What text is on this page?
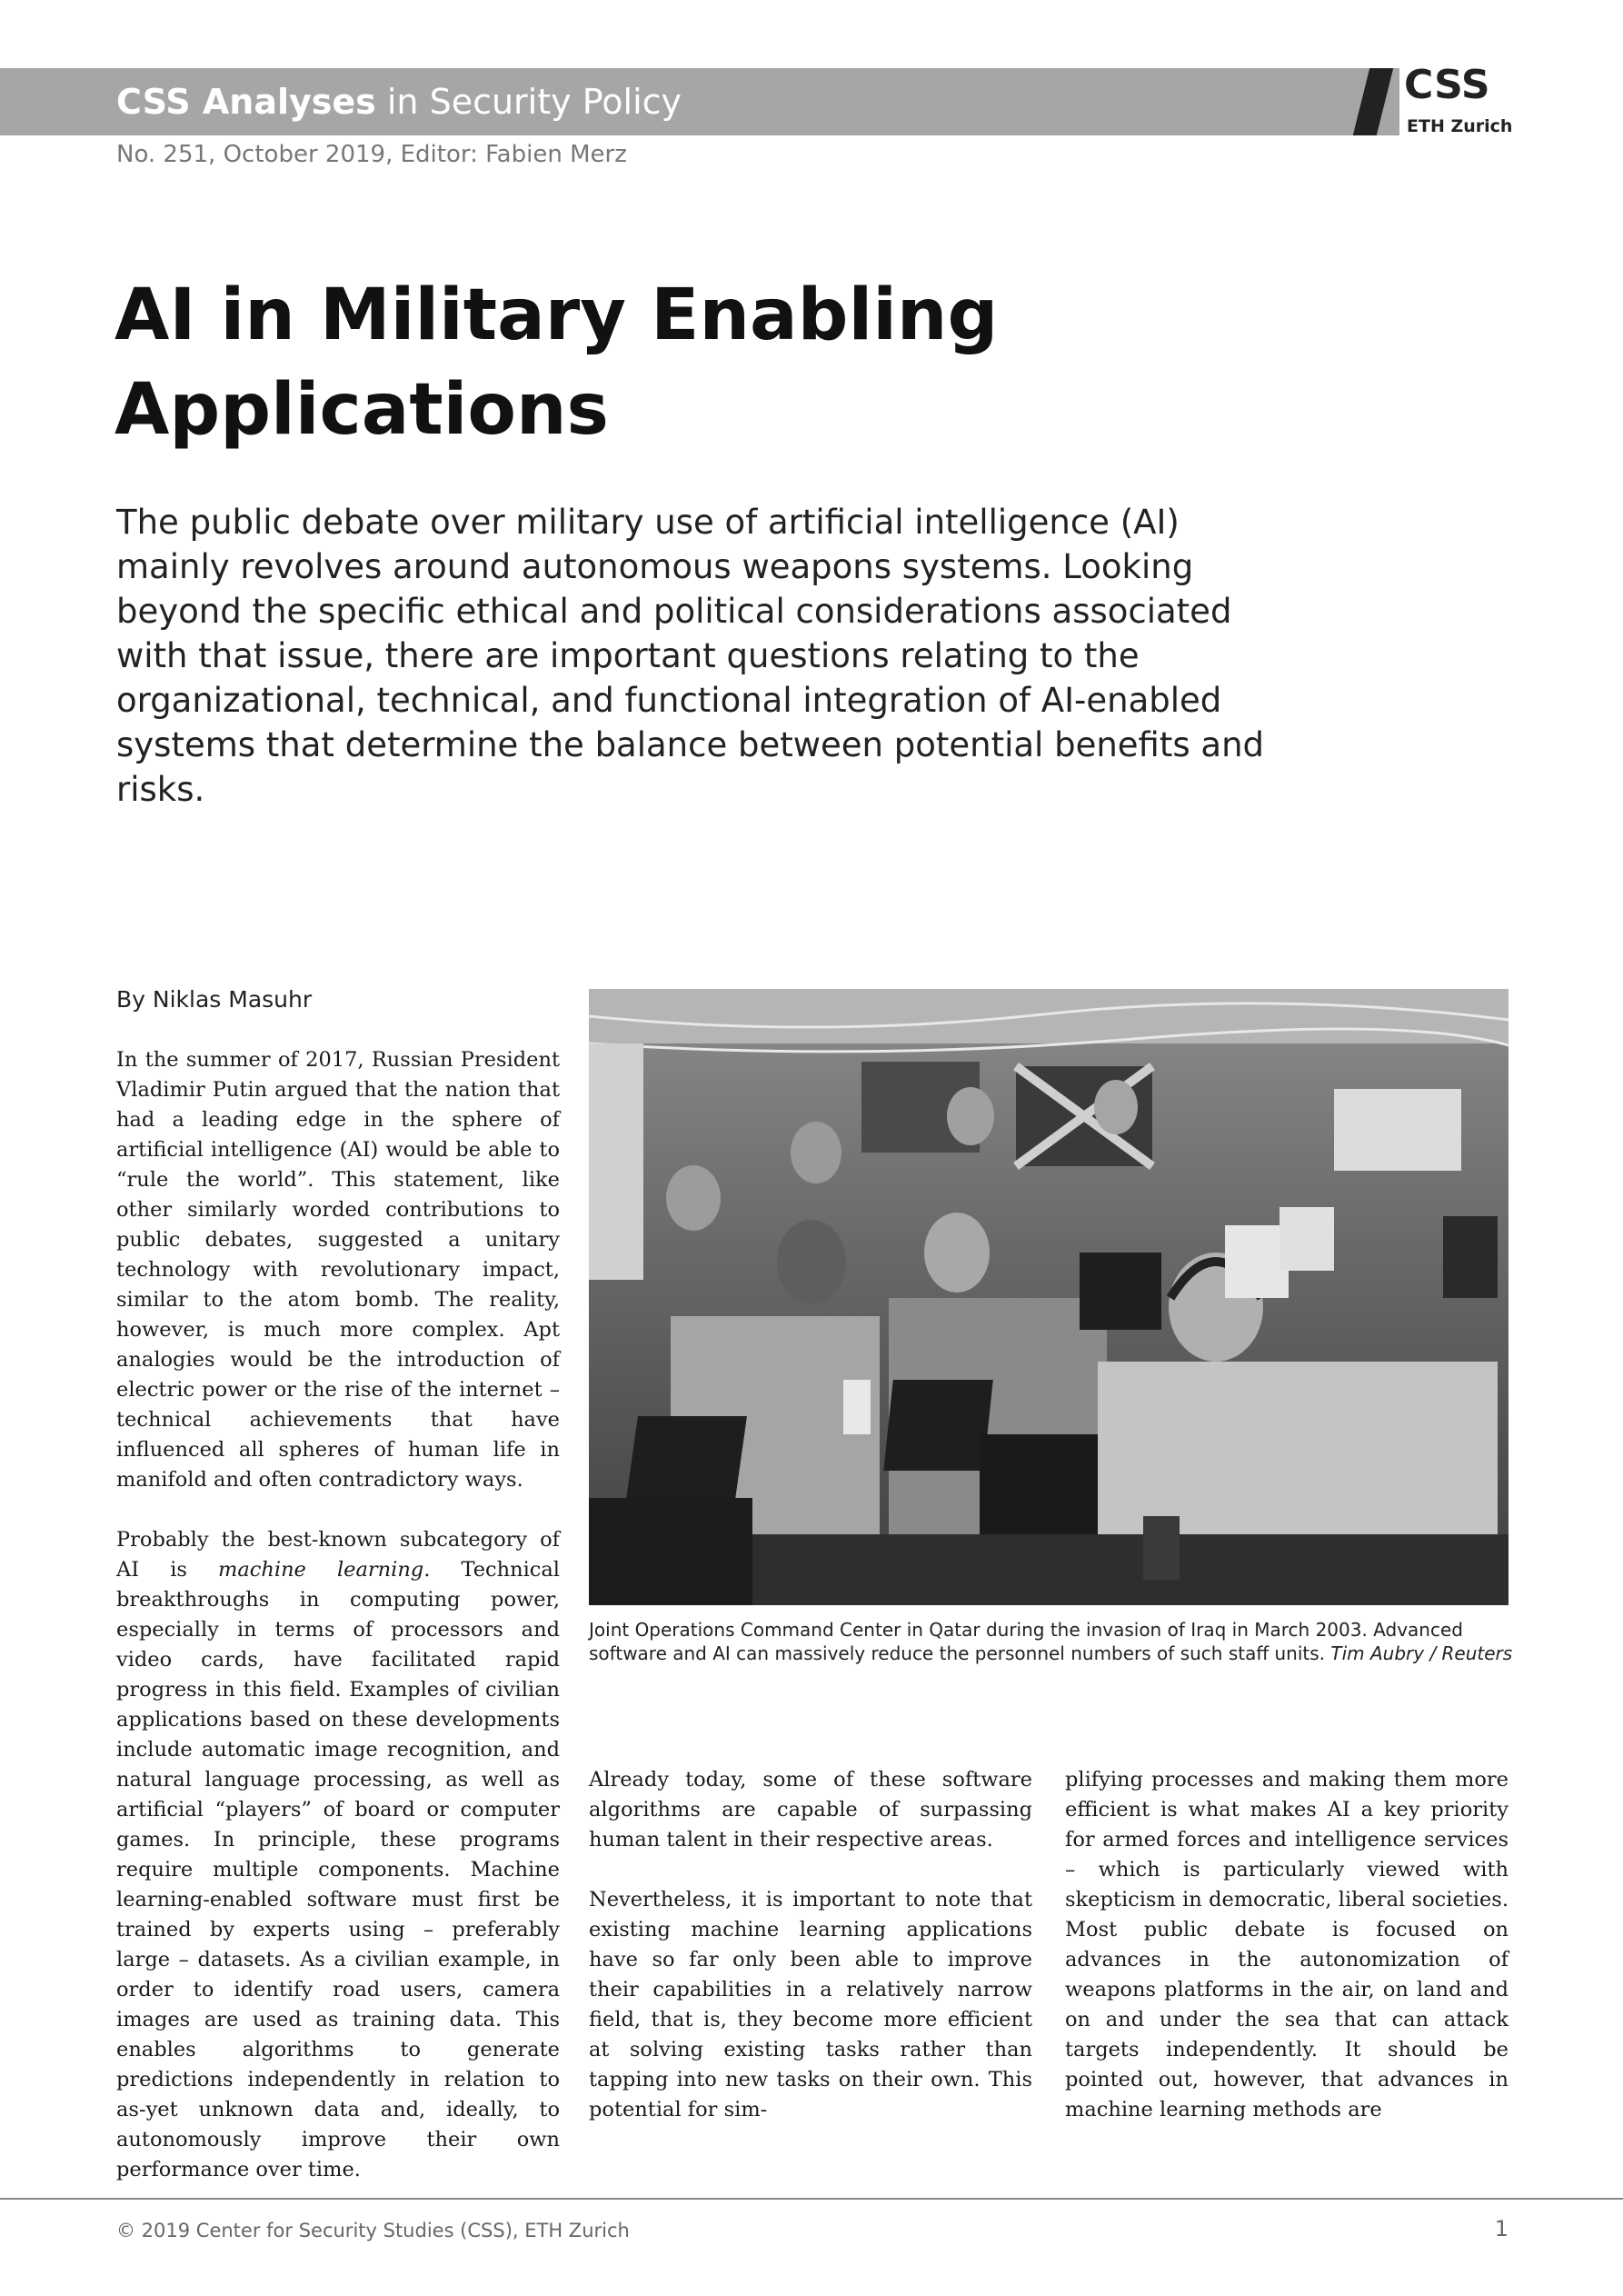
CSS Analyses in Security Policy
No. 251, October 2019, Editor: Fabien Merz
CSS
ETH Zurich
AI in Military Enabling Applications

The public debate over military use of artificial intelligence (AI) mainly revolves around autonomous weapons systems. Looking beyond the specific ethical and political considerations associated with that issue, there are important questions relating to the organizational, technical, and functional integration of AI-enabled systems that determine the balance between potential benefits and risks.

By Niklas Masuhr

In the summer of 2017, Russian President Vladimir Putin argued that the nation that had a leading edge in the sphere of artificial intelligence (AI) would be able to “rule the world”. This statement, like other similarly worded contributions to public debates, suggested a unitary technology with revolutionary impact, similar to the atom bomb. The reality, however, is much more complex. Apt analogies would be the introduction of electric power or the rise of the internet – technical achievements that have influenced all spheres of human life in manifold and often contradictory ways.

Probably the best-known subcategory of AI is machine learning. Technical breakthroughs in computing power, especially in terms of processors and video cards, have facilitated rapid progress in this field. Examples of civilian applications based on these developments include automatic image recognition, and natural language processing, as well as artificial “players” of board or computer games. In principle, these programs require multiple components. Machine learning-enabled software must first be trained by experts using – preferably large – datasets. As a civilian example, in order to identify road users, camera images are used as training data. This enables algorithms to generate predictions independently in relation to as-yet unknown data and, ideally, to autonomously improve their own performance over time.

Joint Operations Command Center in Qatar during the invasion of Iraq in March 2003. Advanced software and AI can massively reduce the personnel numbers of such staff units. Tim Aubry / Reuters

Already today, some of these software algorithms are capable of surpassing human talent in their respective areas.

Nevertheless, it is important to note that existing machine learning applications have so far only been able to improve their capabilities in a relatively narrow field, that is, they become more efficient at solving existing tasks rather than tapping into new tasks on their own. This potential for sim-

plifying processes and making them more efficient is what makes AI a key priority for armed forces and intelligence services – which is particularly viewed with skepticism in democratic, liberal societies. Most public debate is focused on advances in the autonomization of weapons platforms in the air, on land and on and under the sea that can attack targets independently. It should be pointed out, however, that advances in machine learning methods are

© 2019 Center for Security Studies (CSS), ETH Zurich	1
